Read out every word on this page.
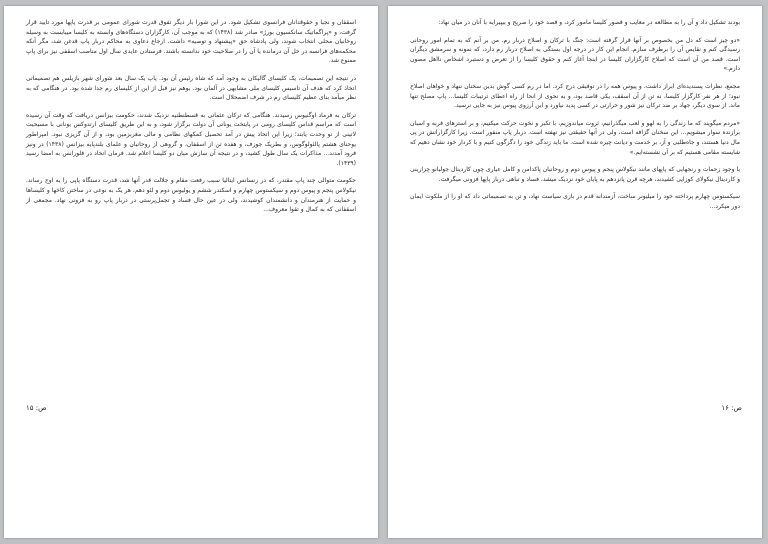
اسقفان و نجبا و حقوقدانان فرانسوی تشکیل شود. در این شورا بار دیگر تفوق قدرت شورای عمومی بر قدرت پاپها مورد تایید قرار گرفت، و «پراگماتیک سانکسیون بورژ» صادر شد (۱۴۳۸) که به موجب آن، کارگزاران دستگاه‌های وابسته به کلیسا میبایست به وسیله روحانیان محلی انتخاب شوند، ولی پادشاه حق «پیشنهاد و توصیه» داشت. ارجاع دعاوی به محاکم دربار پاپ قدغن شد، مگر آنکه محکمه‌های فرانسه در حل آن درمانده یا آن را در صلاحیت خود ندانسته باشند. فرستادن عایدی سال اول مناصب اسقفی نیز برای پاپ ممنوع شد.

در نتیجه این تصمیمات، یک کلیسای گالیکان به وجود آمد که شاه رئیس آن بود. پاپ یک سال بعد شورای شهر بازیلس هم تصمیماتی اتخاذ کرد که هدف آن تاسیس کلیسای ملی مشابهی در آلمان بود. بوهم نیز قبل از این از کلیسای رم جدا شده بود. در هنگامی که به نظر میآمد بنای عظیم کلیسای رم در شرف اضمحلال است.

ترکان به فرماد اوگنیوس رسیدند. هنگامی که ترکان عثمانی به قسطنطنیه نزدیک شدند، حکومت بیزانس دریافت که وقت آن رسیده است که مراسم قداس کلیسای رومی در پایتخت یونانی آن دولت برگزار شود، و به این طریق کلیسای ارتدوکس یونانی با مسیحیت لاتینی از نو وحدت یابند؛ زیرا این اتحاد پیش در آمد تحصیل کمکهای نظامی و مالی مغربزمین بود، و از آن گریزی نبود. امپراطور یوحنای هشتم پالئولوگوس، و بطریک جوزف، و هفده تن از اسقفان، و گروهی از روحانیان و علمای بلندپایه بیزانس (۱۴۳۸) در ونیز فرود آمدند... مذاکرات یک سال طول کشید، و در نتیجه آن سازش میان دو کلیسا اعلام شد. فرمان اتحاد در فلورانس به امضا رسید (۱۴۳۹).

حکومت متوالی چند پاپ مقتدر، که در رنسانس ایتالیا سبب رفعت مقام و جلالت قدر آنها شد، قدرت دستگاه پاپی را به اوج رساند. نیکولاس پنجم و پیوس دوم و سیکستوس چهارم و اسکندر ششم و یولیوس دوم و لئو دهم، هر یک به نوعی در ساختن کاخها و کلیساها و حمایت از هنرمندان و دانشمندان کوشیدند، ولی در عین حال فساد و تجمل‌پرستی در دربار پاپ رو به فزونی نهاد. مجمعی از اسقفانی که به کمال و تقوا معروف...

ص: ۱۵

بودند تشکیل داد و آن را به مطالعه در معایب و قصور کلیسا مامور کرد، و قصد خود را صریح و بیپیرایه با آنان در میان نهاد:

«دو چیز است که دل من بخصوص بر آنها قرار گرفته است: جنگ با ترکان و اصلاح دربار رم. من بر آنم که به تمام امور روحانی رسیدگی کنم و نقایص آن را برطرف سازم. انجام این کار در درجه اول بستگی به اصلاح دربار رم دارد، که نمونه و سرمشق دیگران است. قصد من آن است که اصلاح کارگزاران کلیسا در اینجا آغاز کنم و حقوق کلیسا را از تعرض و دستبرد اشخاص نااهل مصون دارم.»

مجمع، نظرات پسندیده‌ای ابراز داشت، و پیوس همه را در توفیقی درج کرد. اما در رم کسی گوش بدین سخنان ننهاد و خواهان اصلاح نبود؛ از هر نفر کارگزار کلیسا، نه تن از آن اسقف، یکی قاصد بود، و به نحوی از انحا از راه اعطای ترتیبات کلیسا... پاپ مصلح تنها ماند. از سوی دیگر، جهاد بر ضد ترکان نیز شور و حرارتی در کسی پدید نیاورد و این آرزوی پیوس نیز به جایی نرسید.

«مردم میگویند که ما زندگی را به لهو و لعب میگذرانیم، ثروت میاندوزیم، با تکبر و نخوت حرکت میکنیم، و بر استرهای فربه و اسبان برازنده سوار میشویم... این سخنان گزافه است، ولی در آنها حقیقتی نیز نهفته است. دربار پاپ منفور است، زیرا کارگزارانش در پی مال دنیا هستند، و جاه‌طلبی و آز، بر خدمت و دیانت چیره شده است. ما باید زندگی خود را دگرگون کنیم و با کردار خود نشان دهیم که شایسته مقامی هستیم که بر آن نشسته‌ایم.»

با وجود زحمات و رنجهایی که پاپهای مانند نیکولاس پنجم و پیوس دوم و روحانیان پاکدامن و کامل عیاری چون کاردینال جولیانو چزارینی و کاردینال نیکولای کوزایی کشیدند، هرچه قرن پانزدهم به پایان خود نزدیک میشد، فساد و تباهی دربار پاپها فزونی میگرفت.

سیکستوس چهارم پرداخته خود را میلیونر ساخت، آزمندانه قدم در بازی سیاست نهاد، و تن به تصمیماتی داد که او را از ملکوت ایمان دور میکرد...

ص: ۱۶
